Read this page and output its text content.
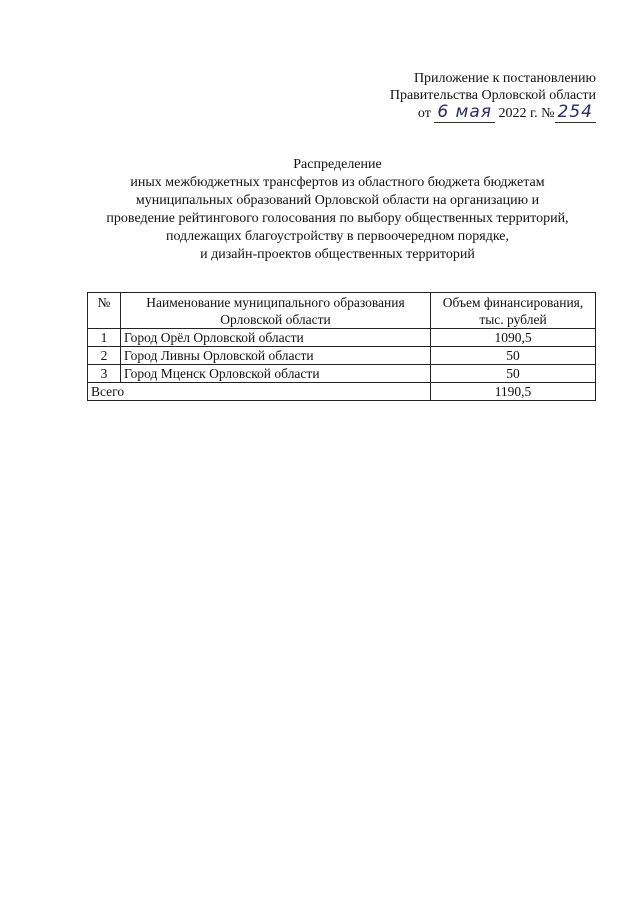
Приложение к постановлению
Правительства Орловской области
от 6 мая 2022 г. № 254
Распределение
иных межбюджетных трансфертов из областного бюджета бюджетам
муниципальных образований Орловской области на организацию и
проведение рейтингового голосования по выбору общественных территорий,
подлежащих благоустройству в первоочередном порядке,
и дизайн-проектов общественных территорий
№	Наименование муниципального образования Орловской области	Объем финансирования, тыс. рублей
1	Город Орёл Орловской области	1090,5
2	Город Ливны Орловской области	50
3	Город Мценск Орловской области	50
Всего		1190,5
